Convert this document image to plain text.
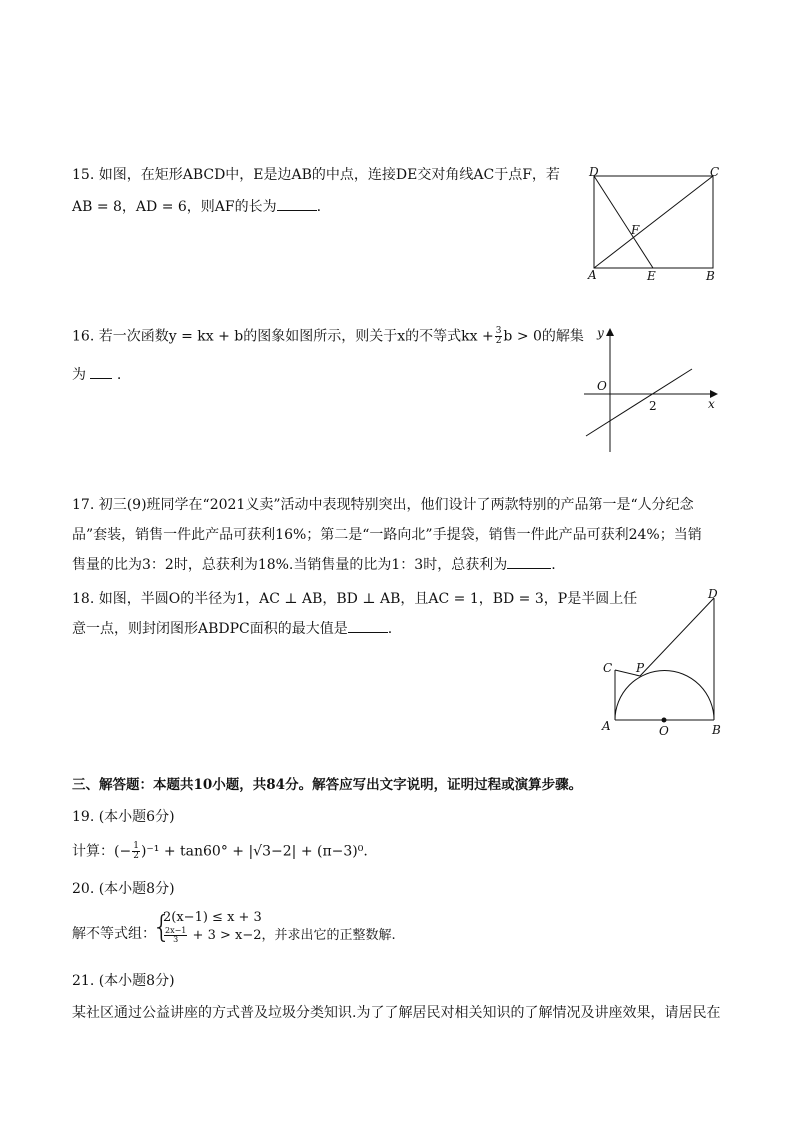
15. 如图，在矩形ABCD中，E是边AB的中点，连接DE交对角线AC于点F，若
AB = 8，AD = 6，则AF的长为	.
D	C
F
A	E	B
16. 若一次函数y = kx + b的图象如图所示，则关于x的不等式kx + $\frac{3}{2}$ b > 0的解集
为 .
y
x
O
2
17. 初三(9)班同学在“2021义卖”活动中表现特别突出，他们设计了两款特别的产品第一是“人分纪念
品”套装，销售一件此产品可获利16%；第二是“一路向北”手提袋，销售一件此产品可获利24%；当销
售量的比为3：2时，总获利为18%.当销售量的比为1：3时，总获利为	.
18. 如图，半圆O的半径为1，AC ⊥ AB，BD ⊥ AB，且AC = 1，BD = 3，P是半圆上任
意一点，则封闭图形ABDPC面积的最大值是	.
D
C P
A	O	B
三、解答题：本题共10小题，共84分。解答应写出文字说明，证明过程或演算步骤。
19. (本小题6分)
计算：(− $\frac{1}{2} )^{-1} + \tan 60^\circ + |√3-2| + (\pi-3)^0$.
20. (本小题8分)
解不等式组：
{
2(x−1) ≤ x + 3
$\frac{2x-1}{3} + 3 > x-2$，并求出它的正整数解.
21. (本小题8分)
某社区通过公益讲座的方式普及垃圾分类知识.为了了解居民对相关知识的了解情况及讲座效果，请居民在
